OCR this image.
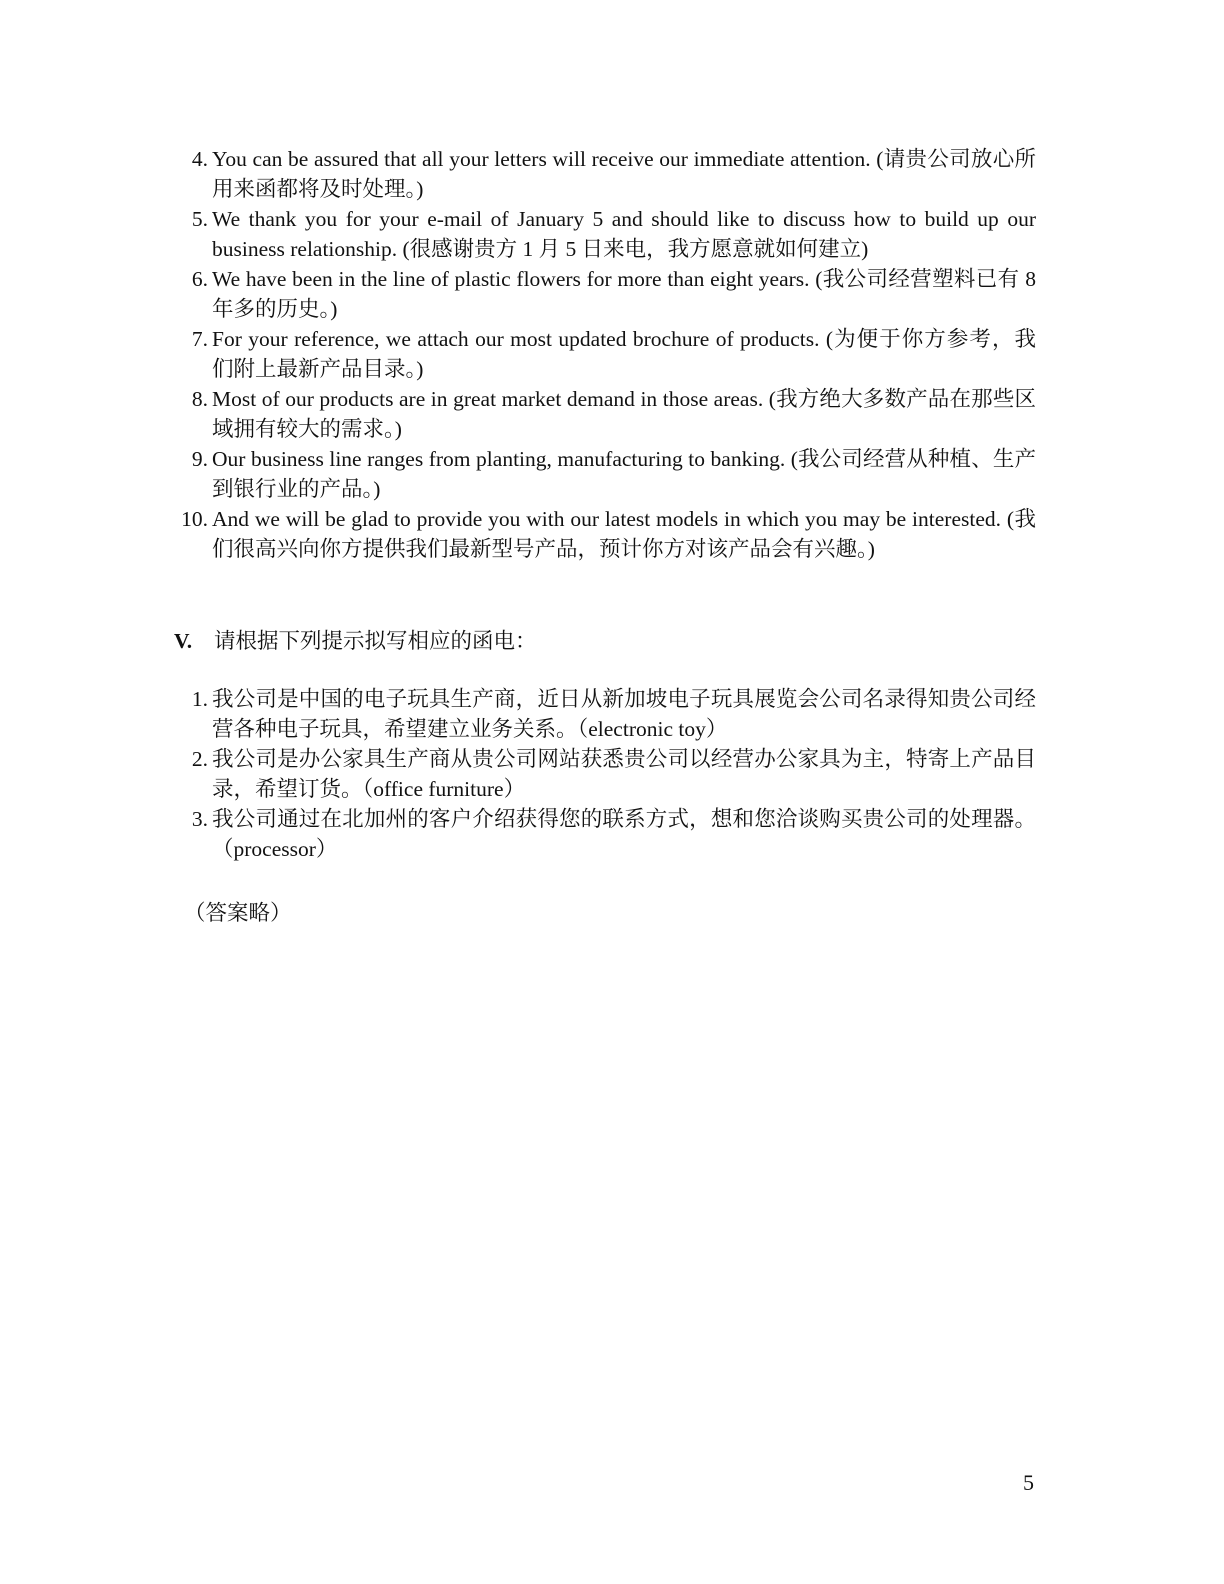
4. You can be assured that all your letters will receive our immediate attention. (请贵公司放心所用来函都将及时处理。)
5. We thank you for your e-mail of January 5 and should like to discuss how to build up our business relationship. (很感谢贵方 1 月 5 日来电，我方愿意就如何建立)
6. We have been in the line of plastic flowers for more than eight years. (我公司经营塑料已有 8 年多的历史。)
7. For your reference, we attach our most updated brochure of products. (为便于你方参考，我们附上最新产品目录。)
8. Most of our products are in great market demand in those areas. (我方绝大多数产品在那些区域拥有较大的需求。)
9. Our business line ranges from planting, manufacturing to banking. (我公司经营从种植、生产到银行业的产品。)
10. And we will be glad to provide you with our latest models in which you may be interested. (我们很高兴向你方提供我们最新型号产品，预计你方对该产品会有兴趣。)

V. 请根据下列提示拟写相应的函电：

1. 我公司是中国的电子玩具生产商，近日从新加坡电子玩具展览会公司名录得知贵公司经营各种电子玩具，希望建立业务关系。（electronic toy）
2. 我公司是办公家具生产商从贵公司网站获悉贵公司以经营办公家具为主，特寄上产品目录，希望订货。（office furniture）
3. 我公司通过在北加州的客户介绍获得您的联系方式，想和您洽谈购买贵公司的处理器。（processor）

（答案略）

5
